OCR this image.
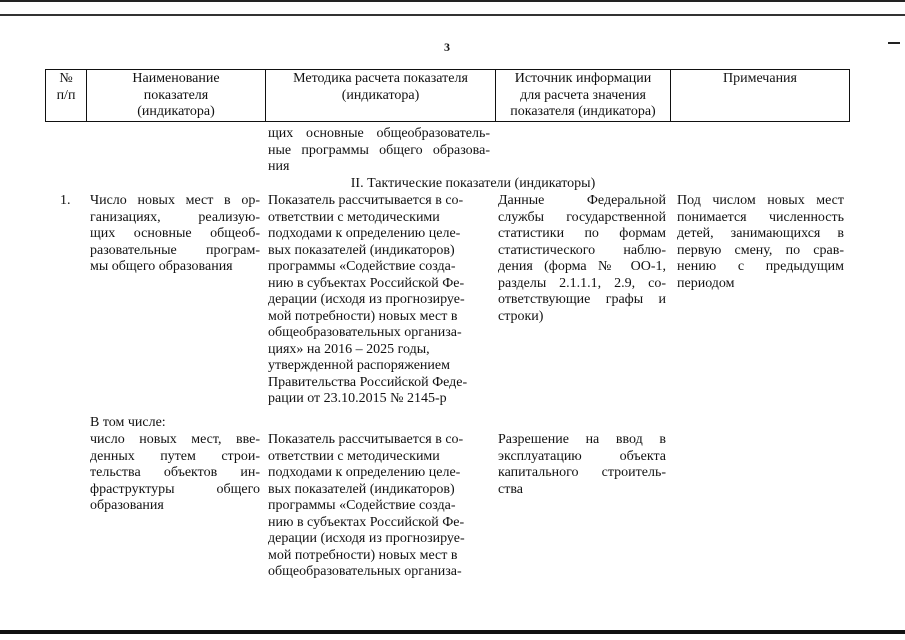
3
№
п/п
Наименование
показателя
(индикатора)
Методика расчета показателя
(индикатора)
Источник информации
для расчета значения
показателя (индикатора)
Примечания
щих основные общеобразователь-
ные программы общего образова-
ния
II. Тактические показатели (индикаторы)
1. Число новых мест в ор-
ганизациях, реализую-
щих основные общеоб-
разовательные програм-
мы общего образования
Показатель рассчитывается в со-
ответствии с методическими
подходами к определению целе-
вых показателей (индикаторов)
программы «Содействие созда-
нию в субъектах Российской Фе-
дерации (исходя из прогнозируе-
мой потребности) новых мест в
общеобразовательных организа-
циях» на 2016 – 2025 годы,
утвержденной распоряжением
Правительства Российской Феде-
рации от 23.10.2015 № 2145-р
Данные Федеральной
службы государственной
статистики по формам
статистического наблю-
дения (форма № ОО-1,
разделы 2.1.1.1, 2.9, со-
ответствующие графы и
строки)
Под числом новых мест
понимается численность
детей, занимающихся в
первую смену, по срав-
нению с предыдущим
периодом
В том числе:
число новых мест, вве-
денных путем строи-
тельства объектов ин-
фраструктуры общего
образования
Показатель рассчитывается в со-
ответствии с методическими
подходами к определению целе-
вых показателей (индикаторов)
программы «Содействие созда-
нию в субъектах Российской Фе-
дерации (исходя из прогнозируе-
мой потребности) новых мест в
общеобразовательных организа-
Разрешение на ввод в
эксплуатацию объекта
капитального строитель-
ства
